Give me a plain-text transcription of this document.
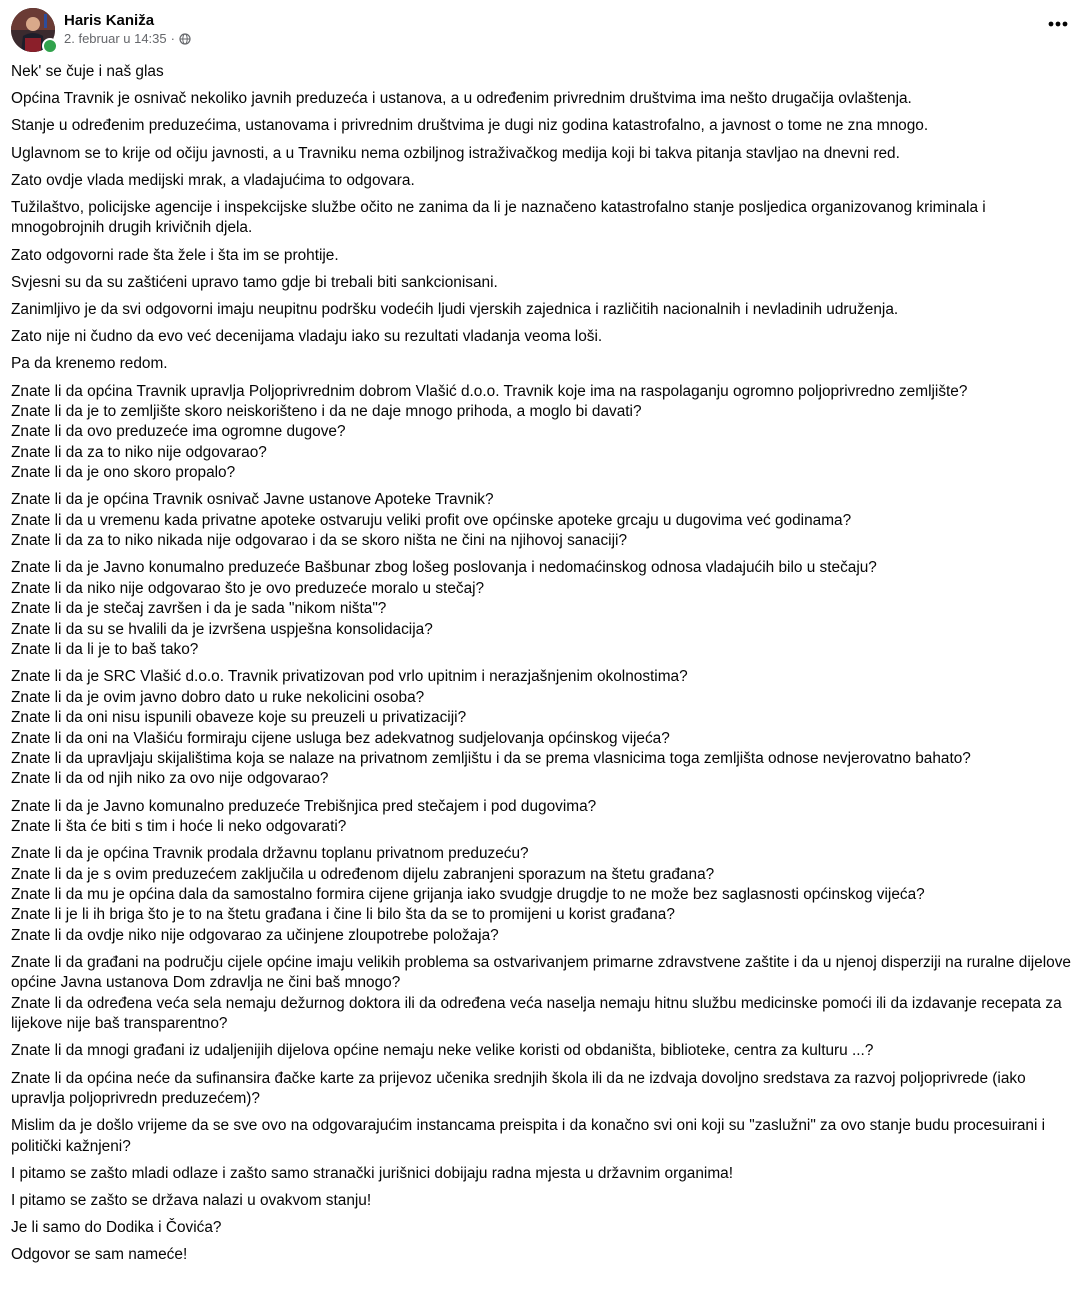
Haris Kaniža
2. februar u 14:35 ·

Nek' se čuje i naš glas

Općina Travnik je osnivač nekoliko javnih preduzeća i ustanova, a u određenim privrednim društvima ima nešto drugačija ovlaštenja.

Stanje u određenim preduzećima, ustanovama i privrednim društvima je dugi niz godina katastrofalno, a javnost o tome ne zna mnogo.

Uglavnom se to krije od očiju javnosti, a u Travniku nema ozbiljnog istraživačkog medija koji bi takva pitanja stavljao na dnevni red.

Zato ovdje vlada medijski mrak, a vladajućima to odgovara.

Tužilaštvo, policijske agencije i inspekcijske službe očito ne zanima da li je naznačeno katastrofalno stanje posljedica organizovanog kriminala i mnogobrojnih drugih krivičnih djela.

Zato odgovorni rade šta žele i šta im se prohtije.

Svjesni su da su zaštićeni upravo tamo gdje bi trebali biti sankcionisani.

Zanimljivo je da svi odgovorni imaju neupitnu podršku vodećih ljudi vjerskih zajednica i različitih nacionalnih i nevladinih udruženja.

Zato nije ni čudno da evo već decenijama vladaju iako su rezultati vladanja veoma loši.

Pa da krenemo redom.

Znate li da općina Travnik upravlja Poljoprivrednim dobrom Vlašić d.o.o. Travnik koje ima na raspolaganju ogromno poljoprivredno zemljište?

Znate li da je to zemljište skoro neiskorišteno i da ne daje mnogo prihoda, a moglo bi davati?

Znate li da ovo preduzeće ima ogromne dugove?

Znate li da za to niko nije odgovarao?

Znate li da je ono skoro propalo?

Znate li da je općina Travnik osnivač Javne ustanove Apoteke Travnik?

Znate li da u vremenu kada privatne apoteke ostvaruju veliki profit ove općinske apoteke grcaju u dugovima već godinama?

Znate li da za to niko nikada nije odgovarao i da se skoro ništa ne čini na njihovoj sanaciji?

Znate li da je Javno konumalno preduzeće Bašbunar zbog lošeg poslovanja i nedomaćinskog odnosa vladajućih bilo u stečaju?

Znate li da niko nije odgovarao što je ovo preduzeće moralo u stečaj?

Znate li da je stečaj završen i da je sada "nikom ništa"?

Znate li da su se hvalili da je izvršena uspješna konsolidacija?

Znate li da li je to baš tako?

Znate li da je SRC Vlašić d.o.o. Travnik privatizovan pod vrlo upitnim i nerazjašnjenim okolnostima?

Znate li da je ovim javno dobro dato u ruke nekolicini osoba?

Znate li da oni nisu ispunili obaveze koje su preuzeli u privatizaciji?

Znate li da oni na Vlašiću formiraju cijene usluga bez adekvatnog sudjelovanja općinskog vijeća?

Znate li da upravljaju skijalištima koja se nalaze na privatnom zemljištu i da se prema vlasnicima toga zemljišta odnose nevjerovatno bahato?

Znate li da od njih niko za ovo nije odgovarao?

Znate li da je Javno komunalno preduzeće Trebišnjica pred stečajem i pod dugovima?

Znate li šta će biti s tim i hoće li neko odgovarati?

Znate li da je općina Travnik prodala državnu toplanu privatnom preduzeću?

Znate li da je s ovim preduzećem zaključila u određenom dijelu zabranjeni sporazum na štetu građana?

Znate li da mu je općina dala da samostalno formira cijene grijanja iako svudgje drugdje to ne može bez saglasnosti općinskog vijeća?

Znate li je li ih briga što je to na štetu građana i čine li bilo šta da se to promijeni u korist građana?

Znate li da ovdje niko nije odgovarao za učinjene zloupotrebe položaja?

Znate li da građani na području cijele općine imaju velikih problema sa ostvarivanjem primarne zdravstvene zaštite i da u njenoj disperziji na ruralne dijelove općine Javna ustanova Dom zdravlja ne čini baš mnogo?

Znate li da određena veća sela nemaju dežurnog doktora ili da određena veća naselja nemaju hitnu službu medicinske pomoći ili da izdavanje recepata za lijekove nije baš transparentno?

Znate li da mnogi građani iz udaljenijih dijelova općine nemaju neke velike koristi od obdaništa, biblioteke, centra za kulturu ...?

Znate li da općina neće da sufinansira đačke karte za prijevoz učenika srednjih škola ili da ne izdvaja dovoljno sredstava za razvoj poljoprivrede (iako upravlja poljoprivredn preduzećem)?

Mislim da je došlo vrijeme da se sve ovo na odgovarajućim instancama preispita i da konačno svi oni koji su "zaslužni" za ovo stanje budu procesuirani i politički kažnjeni?

I pitamo se zašto mladi odlaze i zašto samo stranački jurišnici dobijaju radna mjesta u državnim organima!

I pitamo se zašto se država nalazi u ovakvom stanju!

Je li samo do Dodika i Čovića?

Odgovor se sam nameće!
